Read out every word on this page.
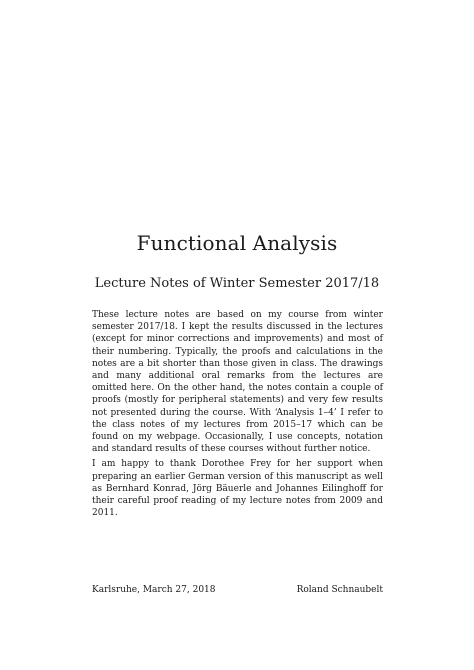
Functional Analysis
Lecture Notes of Winter Semester 2017/18

These lecture notes are based on my course from winter semester 2017/18. I kept the results discussed in the lectures (except for minor corrections and improvements) and most of their numbering. Typically, the proofs and calculations in the notes are a bit shorter than those given in class. The drawings and many additional oral remarks from the lectures are omitted here. On the other hand, the notes contain a couple of proofs (mostly for peripheral statements) and very few results not presented during the course. With ‘Analysis 1–4’ I refer to the class notes of my lectures from 2015–17 which can be found on my webpage. Occasionally, I use concepts, notation and standard results of these courses without further notice.

I am happy to thank Dorothee Frey for her support when preparing an earlier German version of this manuscript as well as Bernhard Konrad, Jörg Bäuerle and Johannes Eilinghoff for their careful proof reading of my lecture notes from 2009 and 2011.

Karlsruhe, March 27, 2018	Roland Schnaubelt
